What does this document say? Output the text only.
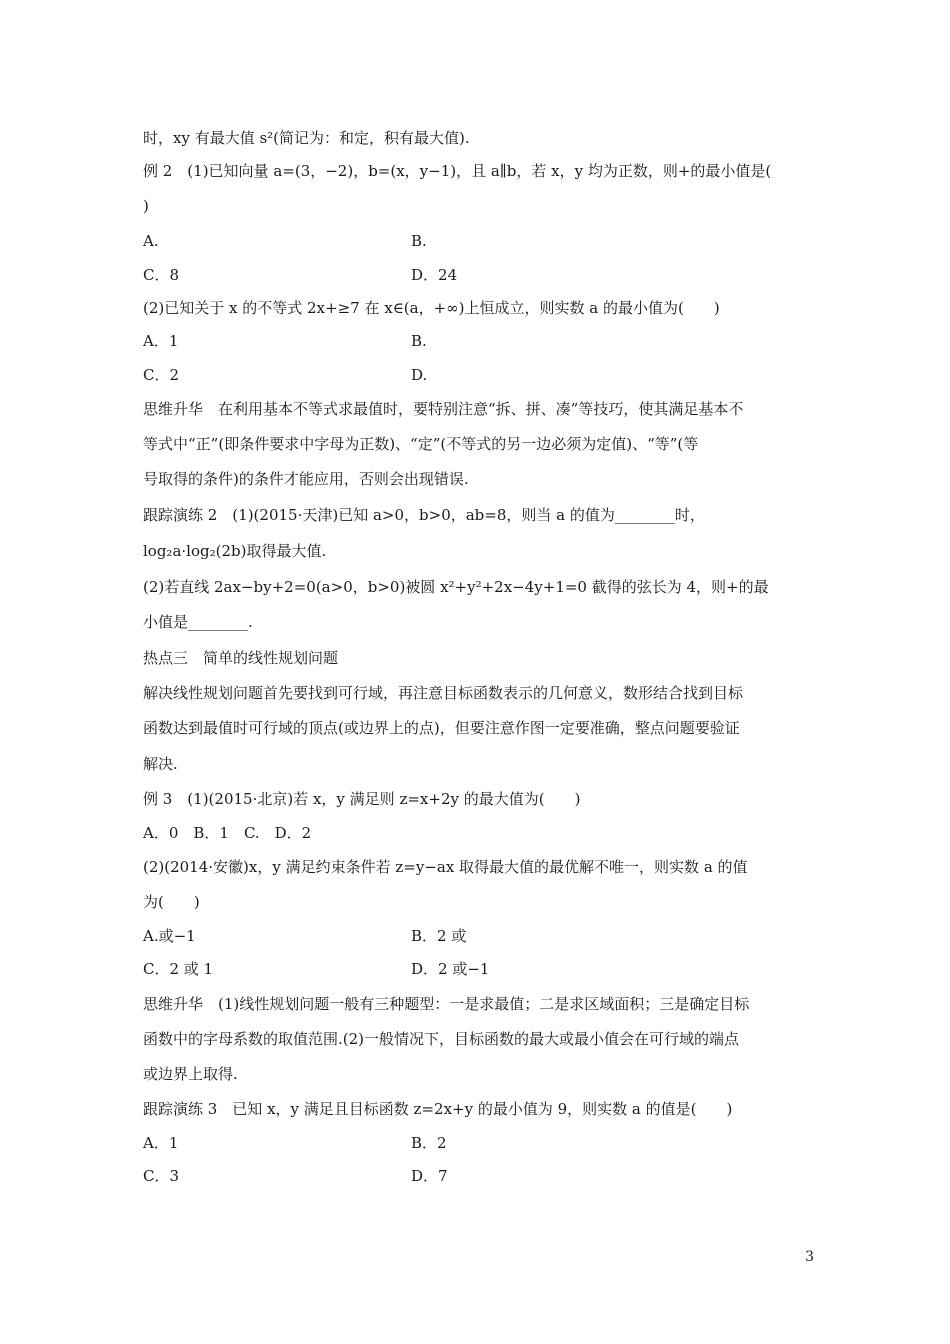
时，xy 有最大值 s²(简记为：和定，积有最大值).
例 2　(1)已知向量 a=(3，−2)，b=(x，y−1)，且 a∥b，若 x，y 均为正数，则+的最小值是(
)
A.	B.
C．8	D．24
(2)已知关于 x 的不等式 2x+≥7 在 x∈(a，+∞)上恒成立，则实数 a 的最小值为(　　)
A．1	B.
C．2	D.
思维升华　在利用基本不等式求最值时，要特别注意“拆、拼、凑”等技巧，使其满足基本不
等式中“正”(即条件要求中字母为正数)、“定”(不等式的另一边必须为定值)、“等”(等
号取得的条件)的条件才能应用，否则会出现错误.
跟踪演练 2　(1)(2015·天津)已知 a>0，b>0，ab=8，则当 a 的值为________时，
log₂a·log₂(2b)取得最大值.
(2)若直线 2ax−by+2=0(a>0，b>0)被圆 x²+y²+2x−4y+1=0 截得的弦长为 4，则+的最
小值是________.
热点三　简单的线性规划问题
解决线性规划问题首先要找到可行域，再注意目标函数表示的几何意义，数形结合找到目标
函数达到最值时可行域的顶点(或边界上的点)，但要注意作图一定要准确，整点问题要验证
解决.
例 3　(1)(2015·北京)若 x，y 满足则 z=x+2y 的最大值为(　　)
A．0　B．1　C.　D．2
(2)(2014·安徽)x，y 满足约束条件若 z=y−ax 取得最大值的最优解不唯一，则实数 a 的值
为(　　)
A.或−1	B．2 或
C．2 或 1	D．2 或−1
思维升华　(1)线性规划问题一般有三种题型：一是求最值；二是求区域面积；三是确定目标
函数中的字母系数的取值范围.(2)一般情况下，目标函数的最大或最小值会在可行域的端点
或边界上取得.
跟踪演练 3　已知 x，y 满足且目标函数 z=2x+y 的最小值为 9，则实数 a 的值是(　　)
A．1	B．2
C．3	D．7
3
